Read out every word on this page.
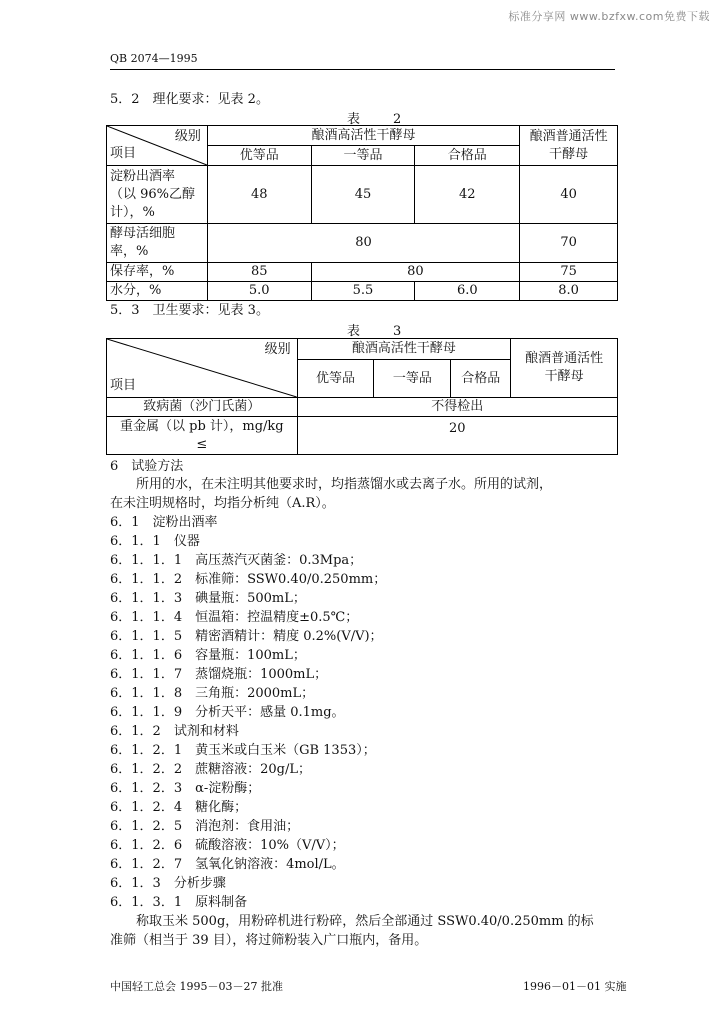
标准分享网 www.bzfxw.com免费下载
QB 2074—1995
5．2　理化要求：见表 2。
表　2
级别
项目	酿酒高活性干酵母			酿酒普通活性
干酵母
	优等品	一等品	合格品	
淀粉出酒率
（以 96%乙醇
计），%	48	45	42	40
酵母活细胞
率，%	80			70
保存率，%	85	80		75
水分，%	5.0	5.5	6.0	8.0
5．3　卫生要求：见表 3。
表　3
级别
项目	酿酒高活性干酵母			酿酒普通活性
干酵母
	优等品	一等品	合格品	
致病菌（沙门氏菌）	不得检出			
重金属（以 pb 计），mg/kg
≤	20			
6　试验方法
所用的水，在未注明其他要求时，均指蒸馏水或去离子水。所用的试剂，
在未注明规格时，均指分析纯（A.R）。
6．1　淀粉出酒率
6．1．1　仪器
6．1．1．1　高压蒸汽灭菌釜：0.3Mpa；
6．1．1．2　标准筛：SSW0.40/0.250mm；
6．1．1．3　碘量瓶：500mL；
6．1．1．4　恒温箱：控温精度±0.5℃；
6．1．1．5　精密酒精计：精度 0.2%(V/V)；
6．1．1．6　容量瓶：100mL；
6．1．1．7　蒸馏烧瓶：1000mL；
6．1．1．8　三角瓶：2000mL；
6．1．1．9　分析天平：感量 0.1mg。
6．1．2　试剂和材料
6．1．2．1　黄玉米或白玉米（GB 1353）；
6．1．2．2　蔗糖溶液：20g/L；
6．1．2．3　α-淀粉酶；
6．1．2．4　糖化酶；
6．1．2．5　消泡剂：食用油；
6．1．2．6　硫酸溶液：10%（V/V）；
6．1．2．7　氢氧化钠溶液：4mol/L。
6．1．3　分析步骤
6．1．3．1　原料制备
称取玉米 500g，用粉碎机进行粉碎，然后全部通过 SSW0.40/0.250mm 的标
准筛（相当于 39 目），将过筛粉装入广口瓶内，备用。
中国轻工总会 1995－03－27 批准	1996－01－01 实施
